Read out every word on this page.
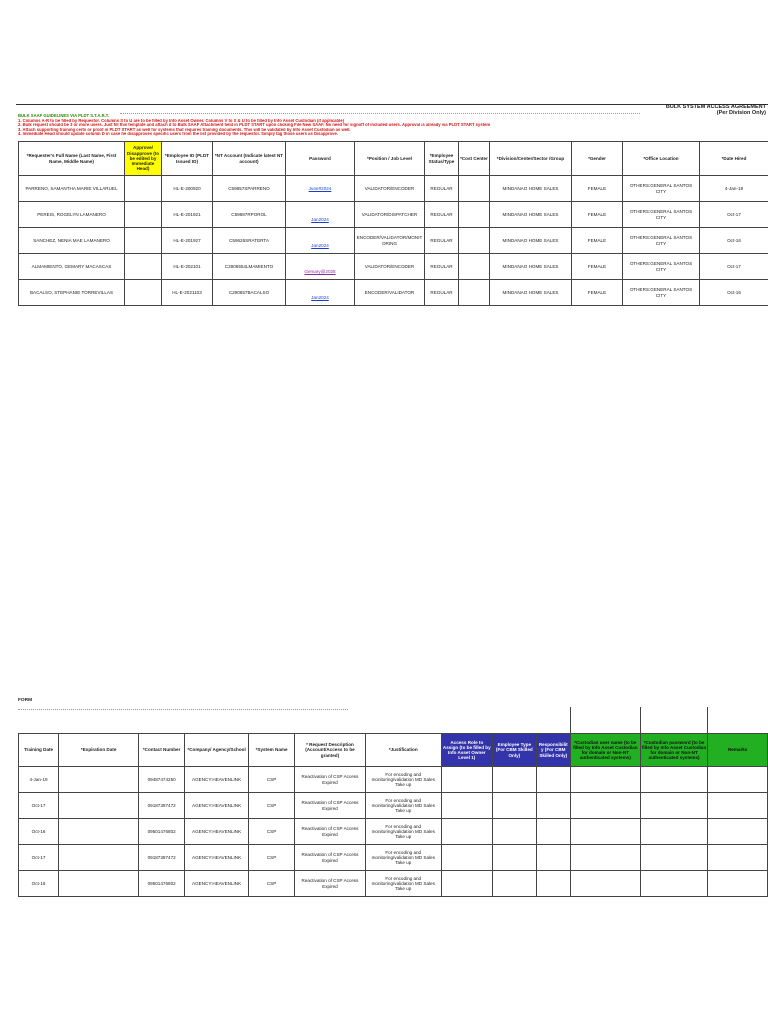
BULK SYSTEM ACCESS AGREEMENT
(Per Division Only)
BULK SAAF GUIDELINES VIA PLDT S.T.A.R.T.
1. Columns A-R to be filled by Requestor. Columns S to U are to be filled by Info Asset Owner. Columns V to X & U to be filled by Info Asset Custodian (if applicable)
2. Bulk request should be 3 or more users. Just fill this template and attach it to Bulk SAAF Attachment field in PLDT START upon clicking File New SAAF. No need for signoff of included users. Approval is already via PLDT START system
3. Attach supporting training certs or proof in PLDT START as well for systems that requires training documents. This will be validated by Info Asset Custodian as well.
4. Immediate Head should update column D in case he disapproves specific users from the list provided by the requestor. Simply tag those users as Disapprove.
*Requester's Full Name (Last Name, First Name, Middle Name)	Approve/ Disapprove (to be edited by Immediate Head)	*Employee ID (PLDT Issued ID)	*NT Account (Indicate latest NT account)	Password	*Position / Job Level	*Employee Status/Type	*Cost Center	*Division/Center/Sector /Group	*Gender	*Office Location	*Date Hired
PARRENO, SAMANTHA MARIE VILLARUEL		HL-E-200920	C59857SPARRENO	June#2024	VALIDATOR/ENCODER	REGULAR		MINDANAO HOME SALES	FEMALE	OTHERS:GENERAL SANTOS CITY	4-Jan-19
PEREIS, ROGELYN LAMANERO		HL-E-201921	C59887RPOROL	Jan2024	VALIDATOR/DISPATCHER	REGULAR		MINDANAO HOME SALES	FEMALE	OTHERS:GENERAL SANTOS CITY	Oct-17
SANCHEZ, NENIA MAE LAMANERO		HL-E-201927	C59626SRATERTA	Jan2024	ENCODER/VALIDATOR/MONITORING	REGULAR		MINDANAO HOME SALES	FEMALE	OTHERS:GENERAL SANTOS CITY	Oct-16
ALMAMIENTO, GEMARY MACASCAS		HL-E-202101	C2906554LMAMIENTO	Gemary@2025	VALIDATOR/ENCODER	REGULAR		MINDANAO HOME SALES	FEMALE	OTHERS:GENERAL SANTOS CITY	Oct-17
BACALSO, STEPHANIE TORREVILLAS		HL-E-2021103	C290657BACALSO	Jan2024	ENCODER/VALIDATOR	REGULAR		MINDANAO HOME SALES	FEMALE	OTHERS:GENERAL SANTOS CITY	Oct-16
FORM

Training Date	*Expiration Date	*Contact Number	*Company/ Agency/School	*System Name	* Request Description (Account/Access to be granted)	*Justification	Access Role to Assign (to be filled by Info Asset Owner Level 1)	Employee Type (For CBM Skilled Only)	Responsibilit y (For CBM Skilled Only)	*Custodian user name (to be filled by Info Asset Custodian for domain or Non-NT authenticated systems)	*Custodian password (to be filled by Info Asset Custodian for domain or Non-NT authenticated systems)	Remarks
4-Jan-19		09487474250	AGENCY:HEAVENLINK	CSP	Reactivation of CSP Access Expired	For encoding and monitoring/validation MD Sales Take up						
Oct-17		09187397472	AGENCY:HEAVENLINK	CSP	Reactivation of CSP Access Expired	For encoding and monitoring/validation MD Sales Take up						
Oct-16		09501476802	AGENCY:HEAVENLINK	CSP	Reactivation of CSP Access Expired	For encoding and monitoring/validation MD Sales Take up						
Oct-17		09187397472	AGENCY:HEAVENLINK	CSP	Reactivation of CSP Access Expired	For encoding and monitoring/validation MD Sales Take up						
Oct-16		09501476802	AGENCY:HEAVENLINK	CSP	Reactivation of CSP Access Expired	For encoding and monitoring/validation MD Sales Take up						
